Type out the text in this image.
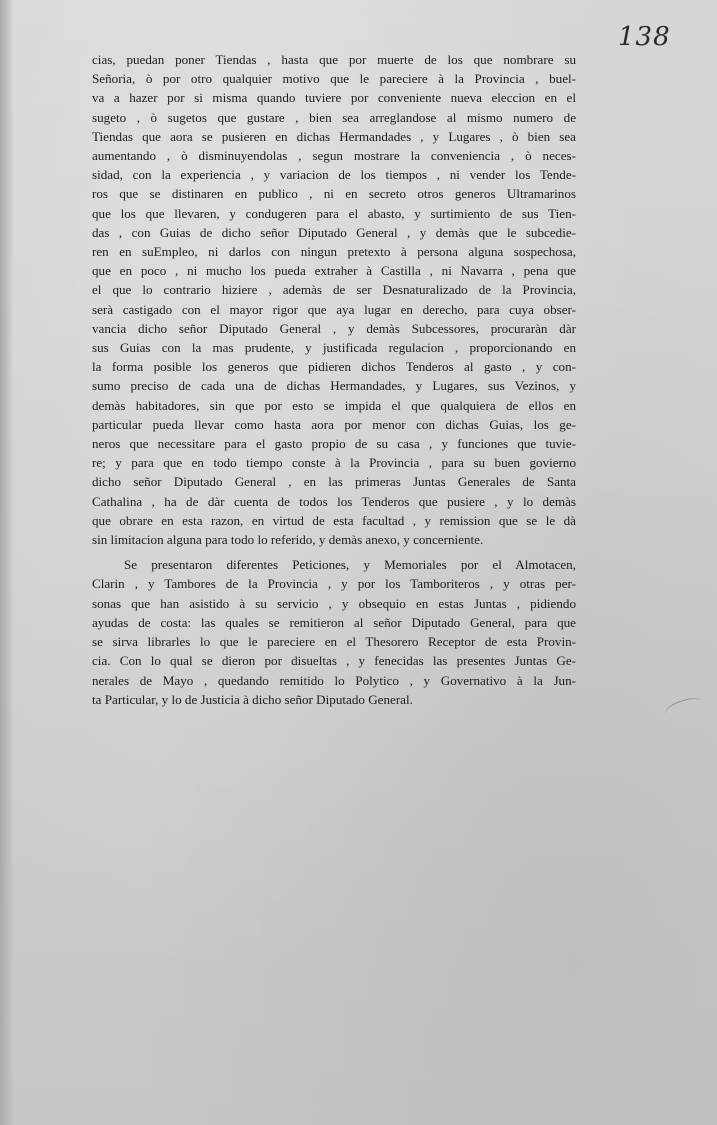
138
cias, puedan poner Tiendas , hasta que por muerte de los que nombrare su
Señoria, ò por otro qualquier motivo que le pareciere à la Provincia , buel-
va a hazer por si misma quando tuviere por conveniente nueva eleccion en el
sugeto , ò sugetos que gustare , bien sea arreglandose al mismo numero de
Tiendas que aora se pusieren en dichas Hermandades , y Lugares , ò bien sea
aumentando , ò disminuyendolas , segun mostrare la conveniencia , ò neces-
sidad, con la experiencia , y variacion de los tiempos , ni vender los Tende-
ros que se distinaren en publico , ni en secreto otros generos Ultramarinos
que los que llevaren, y condugeren para el abasto, y surtimiento de sus Tien-
das , con Guias de dicho señor Diputado General , y demàs que le subcedie-
ren en suEmpleo, ni darlos con ningun pretexto à persona alguna sospechosa,
que en poco , ni mucho los pueda extraher à Castilla , ni Navarra , pena que
el que lo contrario hiziere , ademàs de ser Desnaturalizado de la Provincia,
serà castigado con el mayor rigor que aya lugar en derecho, para cuya obser-
vancia dicho señor Diputado General , y demàs Subcessores, procuraràn dàr
sus Guias con la mas prudente, y justificada regulacion , proporcionando en
la forma posible los generos que pidieren dichos Tenderos al gasto , y con-
sumo preciso de cada una de dichas Hermandades, y Lugares, sus Vezinos, y
demàs habitadores, sin que por esto se impida el que qualquiera de ellos en
particular pueda llevar como hasta aora por menor con dichas Guias, los ge-
neros que necessitare para el gasto propio de su casa , y funciones que tuvie-
re; y para que en todo tiempo conste à la Provincia , para su buen govierno
dicho señor Diputado General , en las primeras Juntas Generales de Santa
Cathalina , ha de dàr cuenta de todos los Tenderos que pusiere , y lo demàs
que obrare en esta razon, en virtud de esta facultad , y remission que se le dà
sin limitacion alguna para todo lo referido, y demàs anexo, y concerniente.
Se presentaron diferentes Peticiones, y Memoriales por el Almotacen,
Clarin , y Tambores de la Provincia , y por los Tamboriteros , y otras per-
sonas que han asistido à su servicio , y obsequio en estas Juntas , pidiendo
ayudas de costa: las quales se remitieron al señor Diputado General, para que
se sirva librarles lo que le pareciere en el Thesorero Receptor de esta Provin-
cia. Con lo qual se dieron por disueltas , y fenecidas las presentes Juntas Ge-
nerales de Mayo , quedando remitido lo Polytico , y Governativo à la Jun-
ta Particular, y lo de Justicia à dicho señor Diputado General.
